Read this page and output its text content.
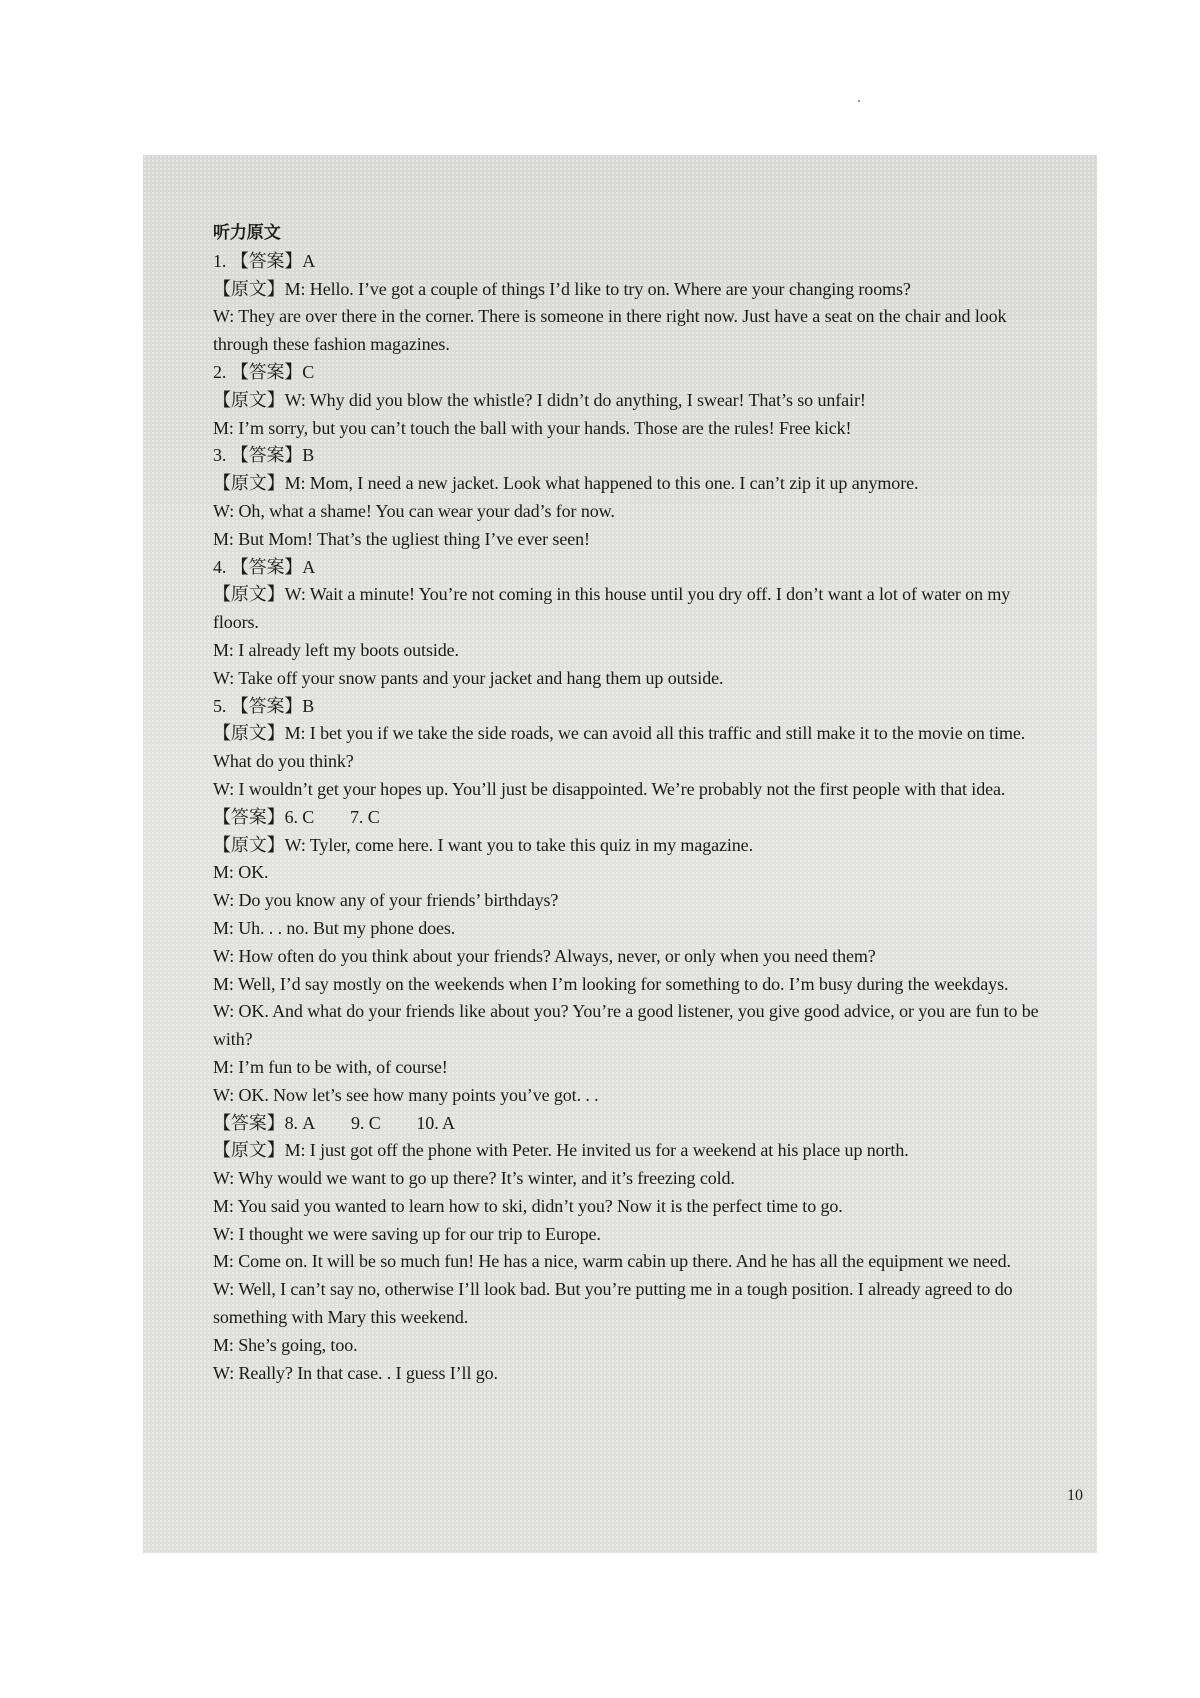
听力原文
1. 【答案】A
【原文】M: Hello. I’ve got a couple of things I’d like to try on. Where are your changing rooms?
W: They are over there in the corner. There is someone in there right now. Just have a seat on the chair and look through these fashion magazines.
2. 【答案】C
【原文】W: Why did you blow the whistle? I didn’t do anything, I swear! That’s so unfair!
M: I’m sorry, but you can’t touch the ball with your hands. Those are the rules! Free kick!
3. 【答案】B
【原文】M: Mom, I need a new jacket. Look what happened to this one. I can’t zip it up anymore.
W: Oh, what a shame! You can wear your dad’s for now.
M: But Mom! That’s the ugliest thing I’ve ever seen!
4. 【答案】A
【原文】W: Wait a minute! You’re not coming in this house until you dry off. I don’t want a lot of water on my floors.
M: I already left my boots outside.
W: Take off your snow pants and your jacket and hang them up outside.
5. 【答案】B
【原文】M: I bet you if we take the side roads, we can avoid all this traffic and still make it to the movie on time. What do you think?
W: I wouldn’t get your hopes up. You’ll just be disappointed. We’re probably not the first people with that idea.
【答案】6. C  7. C
【原文】W: Tyler, come here. I want you to take this quiz in my magazine.
M: OK.
W: Do you know any of your friends’ birthdays?
M: Uh. . . no. But my phone does.
W: How often do you think about your friends? Always, never, or only when you need them?
M: Well, I’d say mostly on the weekends when I’m looking for something to do. I’m busy during the weekdays.
W: OK. And what do your friends like about you? You’re a good listener, you give good advice, or you are fun to be with?
M: I’m fun to be with, of course!
W: OK. Now let’s see how many points you’ve got. . .
【答案】8. A  9. C  10. A
【原文】M: I just got off the phone with Peter. He invited us for a weekend at his place up north.
W: Why would we want to go up there? It’s winter, and it’s freezing cold.
M: You said you wanted to learn how to ski, didn’t you? Now it is the perfect time to go.
W: I thought we were saving up for our trip to Europe.
M: Come on. It will be so much fun! He has a nice, warm cabin up there. And he has all the equipment we need.
W: Well, I can’t say no, otherwise I’ll look bad. But you’re putting me in a tough position. I already agreed to do something with Mary this weekend.
M: She’s going, too.
W: Really? In that case. . I guess I’ll go.
10
